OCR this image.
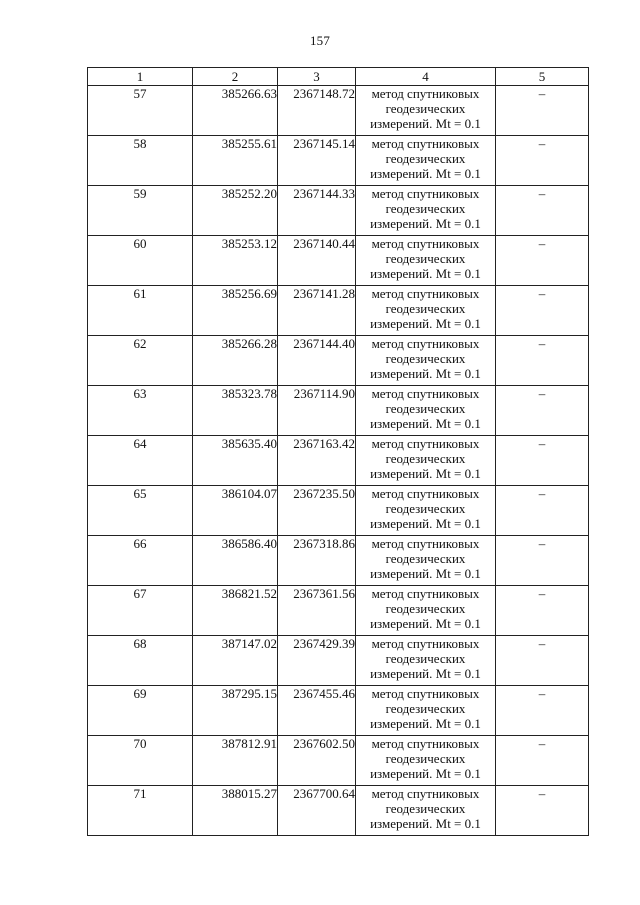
157
1	2	3	4	5
57	385266.63	2367148.72	метод спутниковых
геодезических
измерений. Mt = 0.1	–
58	385255.61	2367145.14	метод спутниковых
геодезических
измерений. Mt = 0.1	–
59	385252.20	2367144.33	метод спутниковых
геодезических
измерений. Mt = 0.1	–
60	385253.12	2367140.44	метод спутниковых
геодезических
измерений. Mt = 0.1	–
61	385256.69	2367141.28	метод спутниковых
геодезических
измерений. Mt = 0.1	–
62	385266.28	2367144.40	метод спутниковых
геодезических
измерений. Mt = 0.1	–
63	385323.78	2367114.90	метод спутниковых
геодезических
измерений. Mt = 0.1	–
64	385635.40	2367163.42	метод спутниковых
геодезических
измерений. Mt = 0.1	–
65	386104.07	2367235.50	метод спутниковых
геодезических
измерений. Mt = 0.1	–
66	386586.40	2367318.86	метод спутниковых
геодезических
измерений. Mt = 0.1	–
67	386821.52	2367361.56	метод спутниковых
геодезических
измерений. Mt = 0.1	–
68	387147.02	2367429.39	метод спутниковых
геодезических
измерений. Mt = 0.1	–
69	387295.15	2367455.46	метод спутниковых
геодезических
измерений. Mt = 0.1	–
70	387812.91	2367602.50	метод спутниковых
геодезических
измерений. Mt = 0.1	–
71	388015.27	2367700.64	метод спутниковых
геодезических
измерений. Mt = 0.1	–
